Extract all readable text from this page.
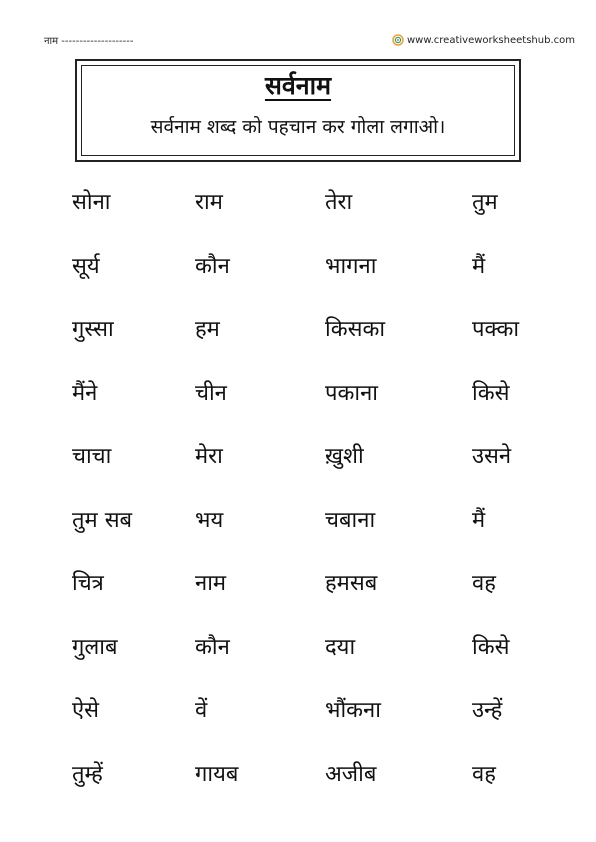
नाम --------------------	www.creativeworksheetshub.com
सर्वनाम
सर्वनाम शब्द को पहचान कर गोला लगाओ।
सोना	राम	तेरा	तुम
सूर्य	कौन	भागना	मैं
गुस्सा	हम	किसका	पक्का
मैंने	चीन	पकाना	किसे
चाचा	मेरा	ख़ुशी	उसने
तुम सब	भय	चबाना	मैं
चित्र	नाम	हमसब	वह
गुलाब	कौन	दया	किसे
ऐसे	वें	भौंकना	उन्हें
तुम्हें	गायब	अजीब	वह
